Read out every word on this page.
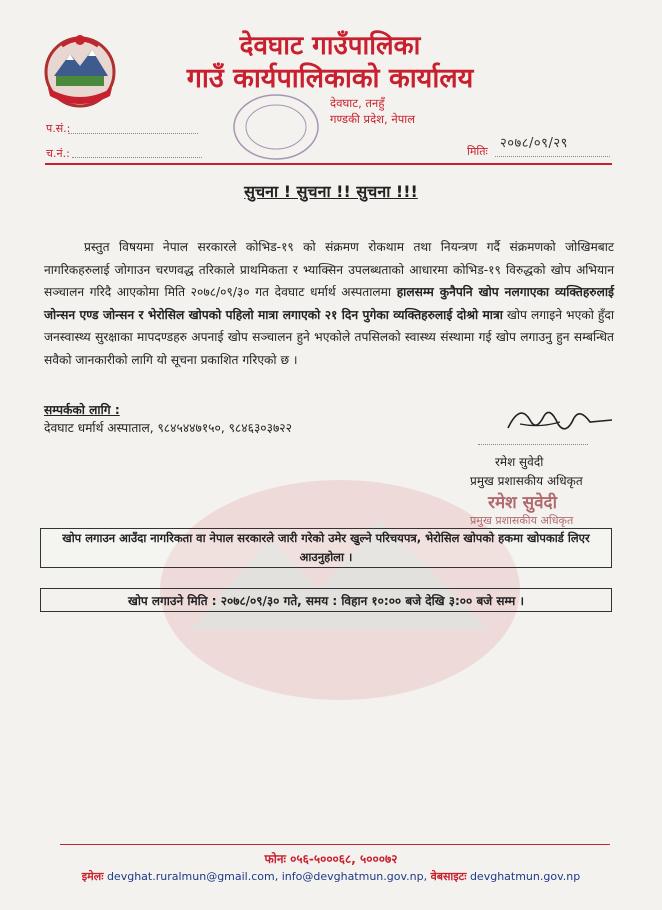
देवघाट गाउँपालिका
गाउँ कार्यपालिकाको कार्यालय
देवघाट, तनहुँ
गण्डकी प्रदेश, नेपाल
प.सं.:
च.नं.:	मितिः
२०७८/०९/२९
सुचना ! सुचना !! सुचना !!!
प्रस्तुत विषयमा नेपाल सरकारले कोभिड-१९ को संक्रमण रोकथाम तथा नियन्त्रण गर्दै संक्रमणको जोखिमबाट नागरिकहरुलाई जोगाउन चरणवद्ध तरिकाले प्राथमिकता र भ्याक्सिन उपलब्धताको आधारमा कोभिड-१९ विरुद्धको खोप अभियान सञ्चालन गरिदै आएकोमा मिति २०७८/०९/३० गत देवघाट धर्मार्थ अस्पतालमा हालसम्म कुनैपनि खोप नलगाएका व्यक्तिहरुलाई जोन्सन एण्ड जोन्सन र भेरोसिल खोपको पहिलो मात्रा लगाएको २१ दिन पुगेका व्यक्तिहरुलाई दोश्रो मात्रा खोप लगाइने भएको हुँदा जनस्वास्थ्य सुरक्षाका मापदण्डहरु अपनाई खोप सञ्चालन हुने भएकोले तपसिलको स्वास्थ्य संस्थामा गई खोप लगाउनु हुन सम्बन्धित सवैको जानकारीको लागि यो सूचना प्रकाशित गरिएको छ ।
सम्पर्कको लागि :
देवघाट धर्मार्थ अस्पाताल, ९८४५४४७१५०, ९८४६३०३७२२
रमेश सुवेदी
प्रमुख प्रशासकीय अधिकृत
रमेश सुवेदी
प्रमुख प्रशासकीय अधिकृत
खोप लगाउन आउँदा नागरिकता वा नेपाल सरकारले जारी गरेको उमेर खुल्ने परिचयपत्र, भेरोसिल खोपको हकमा खोपकार्ड लिएर आउनुहोला ।
खोप लगाउने मिति : २०७८/०९/३० गते, समय : विहान १०:०० बजे देखि ३:०० बजे सम्म ।
फोनः ०५६-५०००६८, ५०००७२
इमेलः devghat.ruralmun@gmail.com, info@devghatmun.gov.np, वेबसाइटः devghatmun.gov.np
